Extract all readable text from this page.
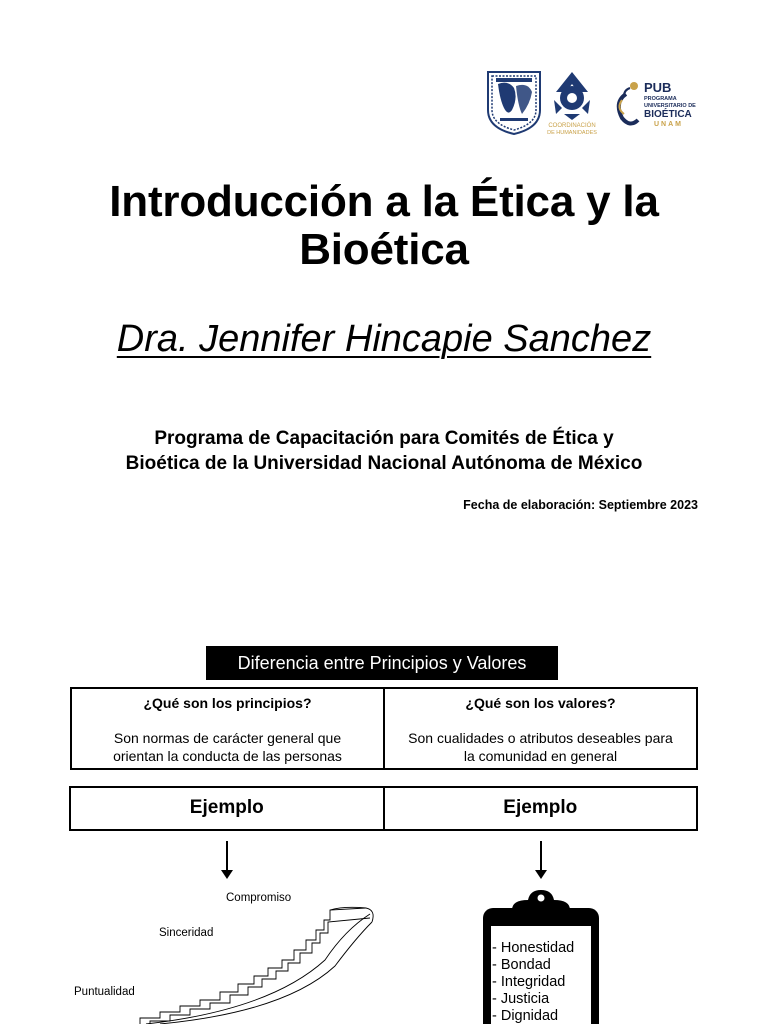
COORDINACIÓN
DE HUMANIDADES
PUB
PROGRAMA
UNIVERSITARIO DE
BIOÉTICA
UNAM
Introducción a la Ética y la
Bioética
Dra. Jennifer Hincapie Sanchez
Programa de Capacitación para Comités de Ética y
Bioética de la Universidad Nacional Autónoma de México
Fecha de elaboración: Septiembre 2023
Diferencia entre Principios y Valores
¿Qué son los principios?
Son normas de carácter general que
orientan la conducta de las personas
¿Qué son los valores?
Son cualidades o atributos deseables para
la comunidad en general
Ejemplo	Ejemplo
Compromiso
Sinceridad
Puntualidad
- Honestidad
- Bondad
- Integridad
- Justicia
- Dignidad
